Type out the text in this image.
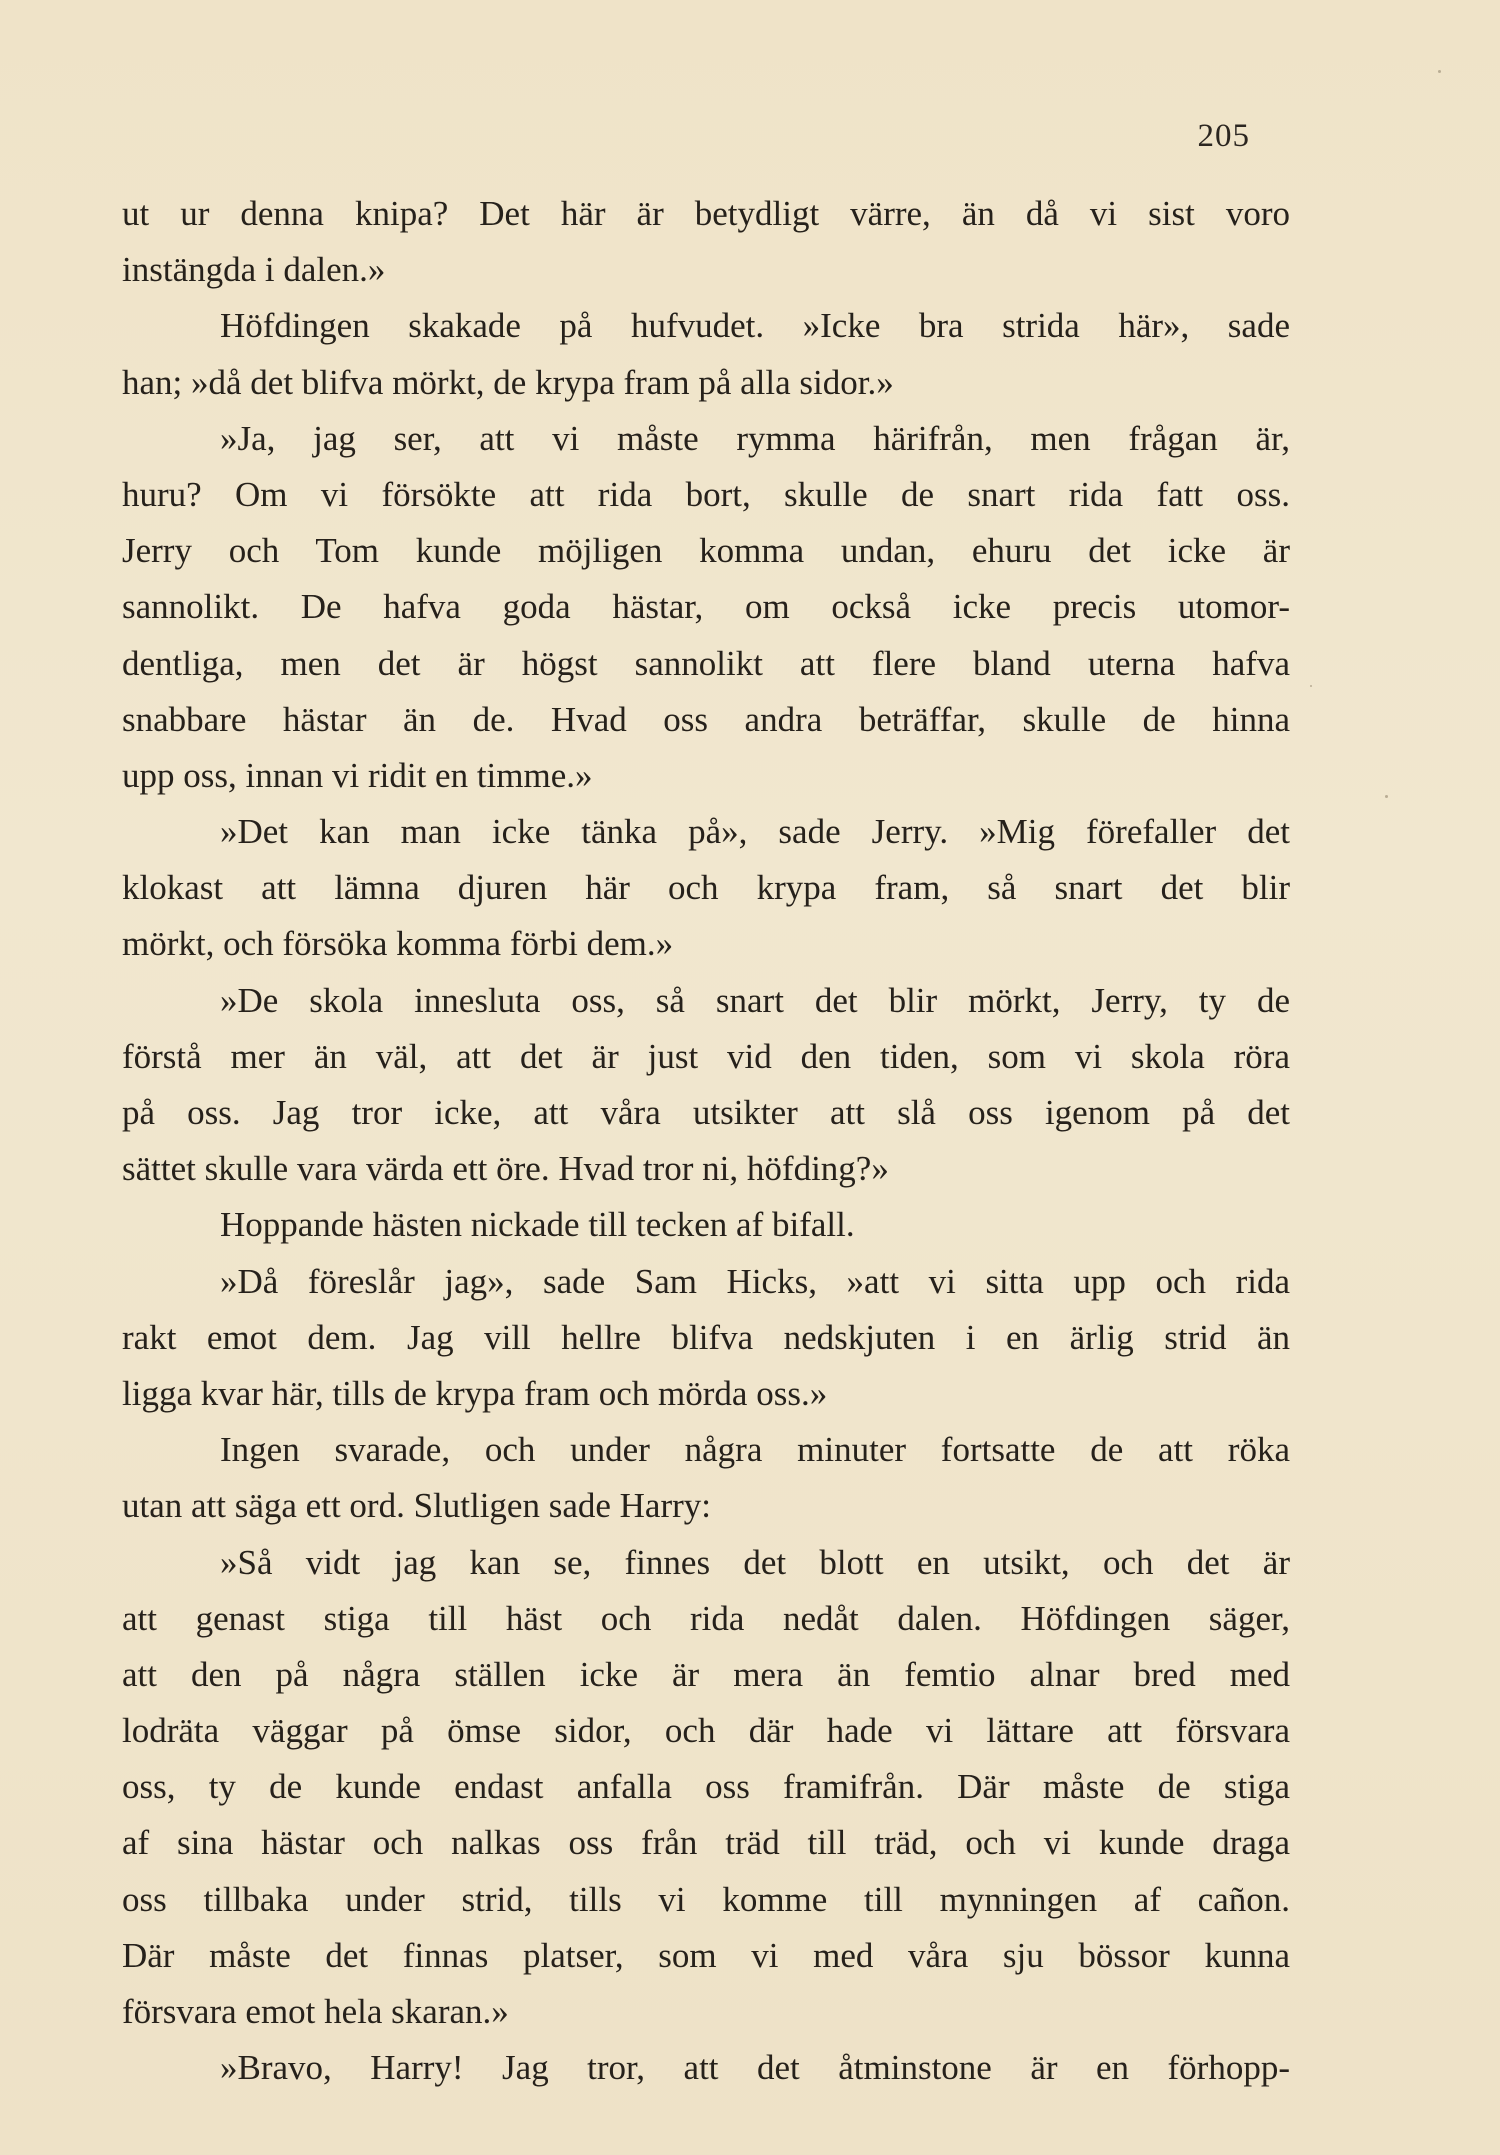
205
ut ur denna knipa? Det här är betydligt värre, än då vi sist voro
instängda i dalen.»
Höfdingen skakade på hufvudet. »Icke bra strida här», sade
han; »då det blifva mörkt, de krypa fram på alla sidor.»
»Ja, jag ser, att vi måste rymma härifrån, men frågan är,
huru? Om vi försökte att rida bort, skulle de snart rida fatt oss.
Jerry och Tom kunde möjligen komma undan, ehuru det icke är
sannolikt. De hafva goda hästar, om också icke precis utomor-
dentliga, men det är högst sannolikt att flere bland uterna hafva
snabbare hästar än de. Hvad oss andra beträffar, skulle de hinna
upp oss, innan vi ridit en timme.»
»Det kan man icke tänka på», sade Jerry. »Mig förefaller det
klokast att lämna djuren här och krypa fram, så snart det blir
mörkt, och försöka komma förbi dem.»
»De skola innesluta oss, så snart det blir mörkt, Jerry, ty de
förstå mer än väl, att det är just vid den tiden, som vi skola röra
på oss. Jag tror icke, att våra utsikter att slå oss igenom på det
sättet skulle vara värda ett öre. Hvad tror ni, höfding?»
Hoppande hästen nickade till tecken af bifall.
»Då föreslår jag», sade Sam Hicks, »att vi sitta upp och rida
rakt emot dem. Jag vill hellre blifva nedskjuten i en ärlig strid än
ligga kvar här, tills de krypa fram och mörda oss.»
Ingen svarade, och under några minuter fortsatte de att röka
utan att säga ett ord. Slutligen sade Harry:
»Så vidt jag kan se, finnes det blott en utsikt, och det är
att genast stiga till häst och rida nedåt dalen. Höfdingen säger,
att den på några ställen icke är mera än femtio alnar bred med
lodräta väggar på ömse sidor, och där hade vi lättare att försvara
oss, ty de kunde endast anfalla oss framifrån. Där måste de stiga
af sina hästar och nalkas oss från träd till träd, och vi kunde draga
oss tillbaka under strid, tills vi komme till mynningen af cañon.
Där måste det finnas platser, som vi med våra sju bössor kunna
försvara emot hela skaran.»
»Bravo, Harry! Jag tror, att det åtminstone är en förhopp-
